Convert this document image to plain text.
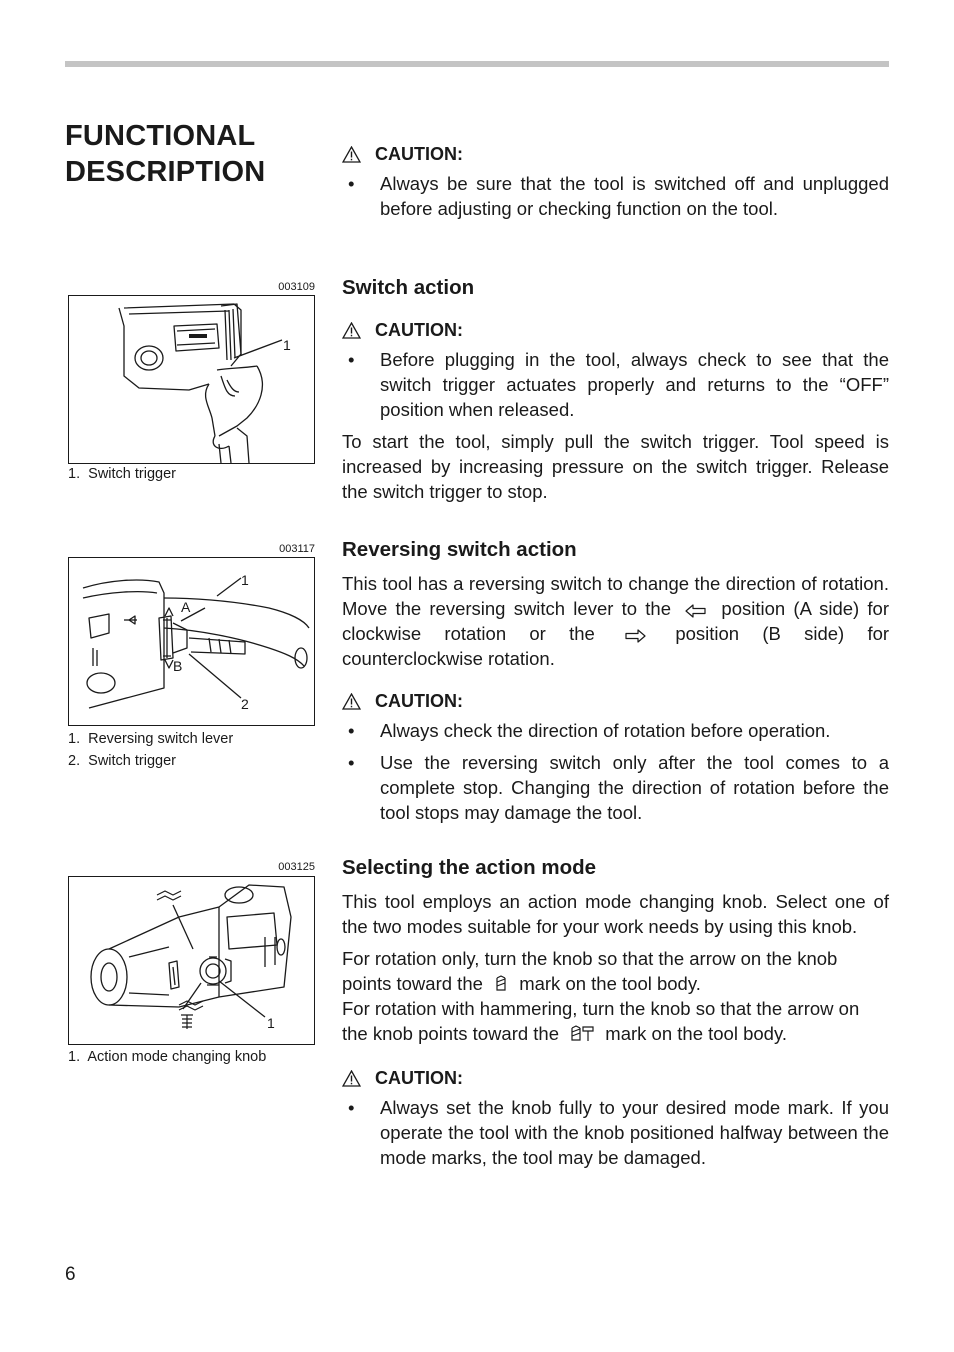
FUNCTIONAL DESCRIPTION
003109
1
1.  Switch trigger
003117
1
2
A
B
1.  Reversing switch lever
2.  Switch trigger
003125
1
1.  Action mode changing knob
CAUTION:
•	Always be sure that the tool is switched off and unplugged before adjusting or checking function on the tool.
Switch action
CAUTION:
•	Before plugging in the tool, always check to see that the switch trigger actuates properly and returns to the “OFF” position when released.
To start the tool, simply pull the switch trigger. Tool speed is increased by increasing pressure on the switch trigger. Release the switch trigger to stop.
Reversing switch action
This tool has a reversing switch to change the direction of rotation. Move the reversing switch lever to the	position (A side) for clockwise rotation or the	position (B side) for counterclockwise rotation.
CAUTION:
•	Always check the direction of rotation before operation.
•	Use the reversing switch only after the tool comes to a complete stop. Changing the direction of rotation before the tool stops may damage the tool.
Selecting the action mode
This tool employs an action mode changing knob. Select one of the two modes suitable for your work needs by using this knob.
For rotation only, turn the knob so that the arrow on the knob points toward the mark on the tool body.
For rotation with hammering, turn the knob so that the arrow on the knob points toward the	mark on the tool body.
CAUTION:
•	Always set the knob fully to your desired mode mark. If you operate the tool with the knob positioned halfway between the mode marks, the tool may be damaged.
6
